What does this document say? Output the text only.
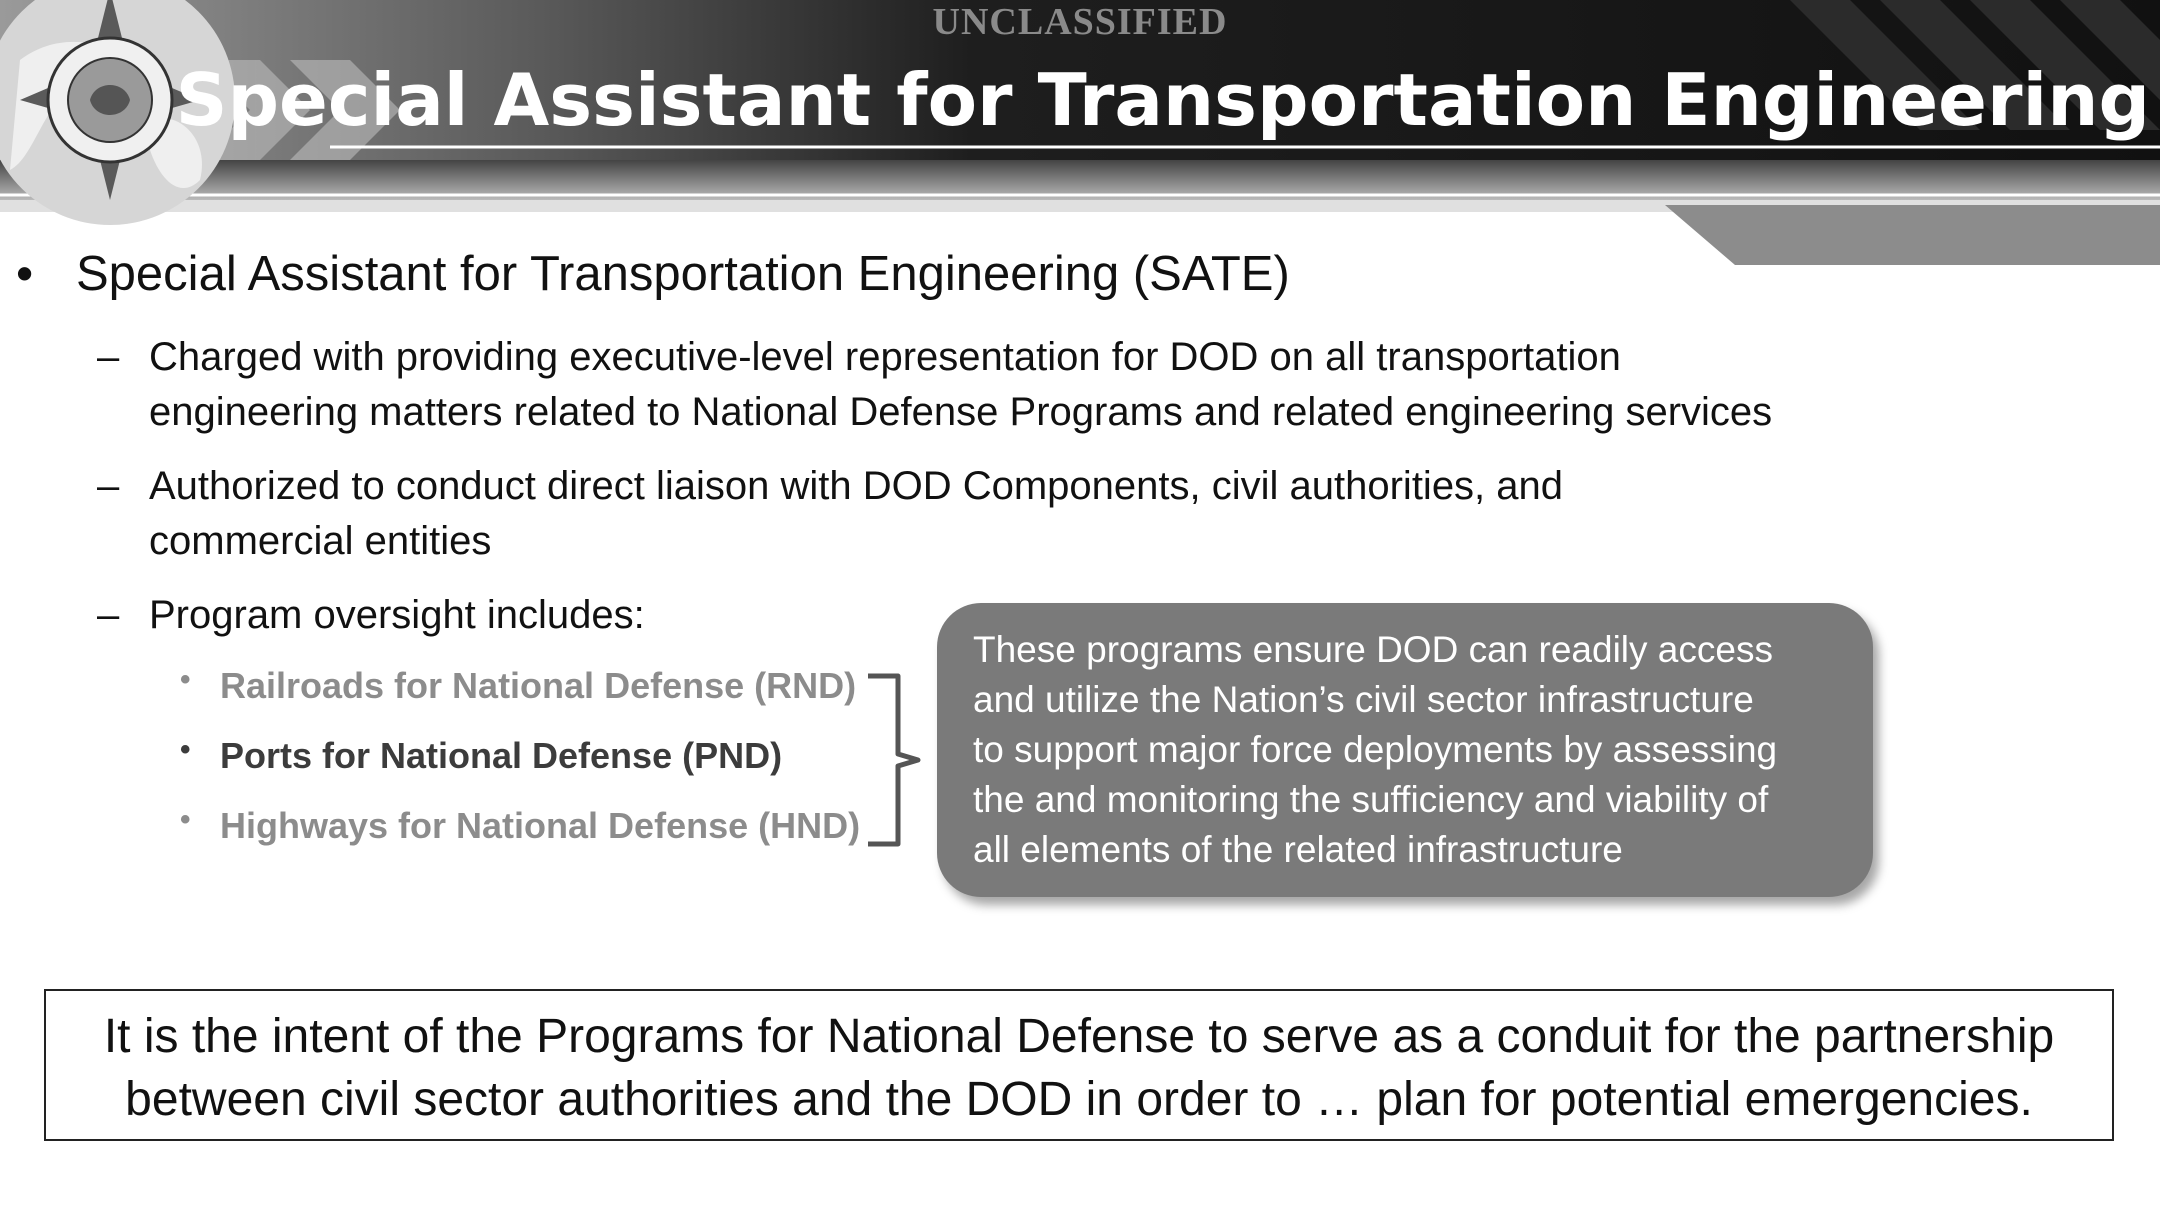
UNCLASSIFIED
Special Assistant for Transportation Engineering
• Special Assistant for Transportation Engineering (SATE)
– Charged with providing executive-level representation for DOD on all transportation
engineering matters related to National Defense Programs and related engineering services
– Authorized to conduct direct liaison with DOD Components, civil authorities, and
commercial entities
– Program oversight includes:
• Railroads for National Defense (RND)
• Ports for National Defense (PND)
• Highways for National Defense (HND)
These programs ensure DOD can readily access
and utilize the Nation’s civil sector infrastructure
to support major force deployments by assessing
the and monitoring the sufficiency and viability of
all elements of the related infrastructure
It is the intent of the Programs for National Defense to serve as a conduit for the partnership
between civil sector authorities and the DOD in order to … plan for potential emergencies.
